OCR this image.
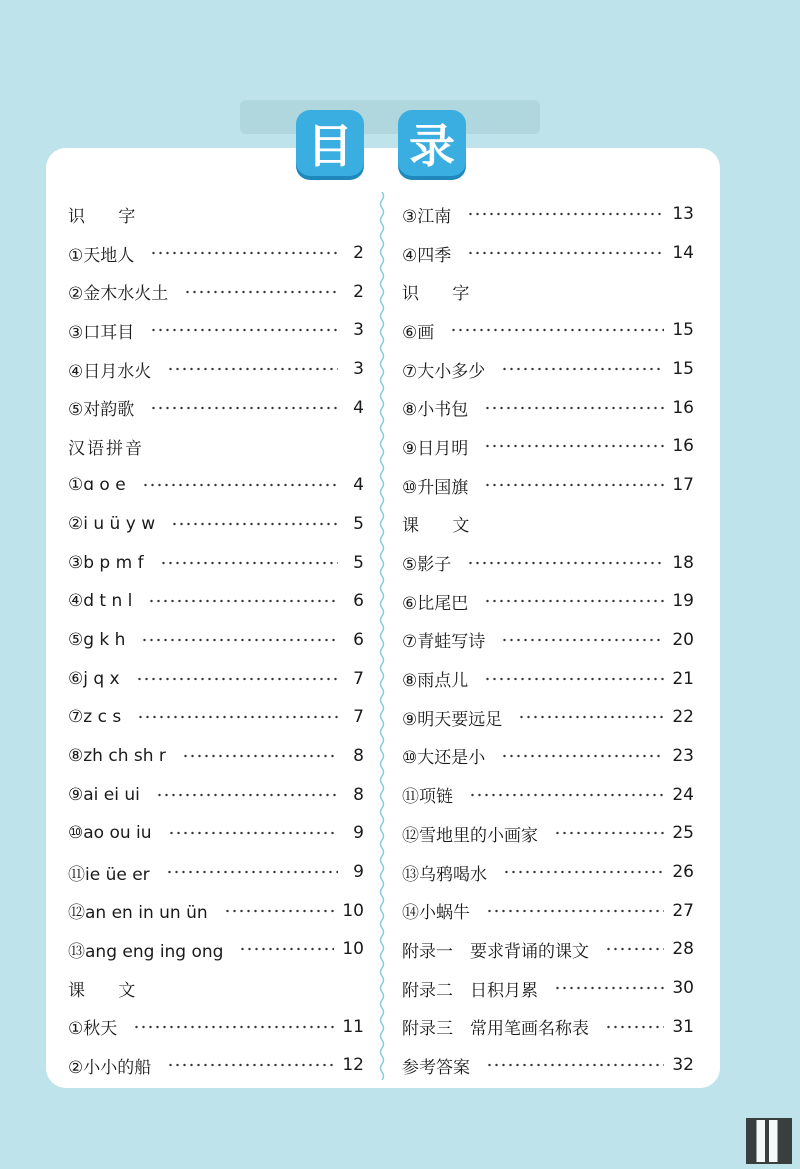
目 录
识 字
①天地人	2
②金木水火土	2
③口耳目	3
④日月水火	3
⑤对韵歌	4
汉语拼音
①ɑ o e	4
②i u ü y w	5
③b p m f	5
④d t n l	6
⑤g k h	6
⑥j q x	7
⑦z c s	7
⑧zh ch sh r	8
⑨ai ei ui	8
⑩ao ou iu	9
⑪ie üe er	9
⑫an en in un ün	10
⑬ang eng ing ong	10
课 文
①秋天	11
②小小的船	12
③江南	13
④四季	14
识 字
⑥画	15
⑦大小多少	15
⑧小书包	16
⑨日月明	16
⑩升国旗	17
课 文
⑤影子	18
⑥比尾巴	19
⑦青蛙写诗	20
⑧雨点儿	21
⑨明天要远足	22
⑩大还是小	23
⑪项链	24
⑫雪地里的小画家	25
⑬乌鸦喝水	26
⑭小蜗牛	27
附录一　要求背诵的课文	28
附录二　日积月累	30
附录三　常用笔画名称表	31
参考答案	32
